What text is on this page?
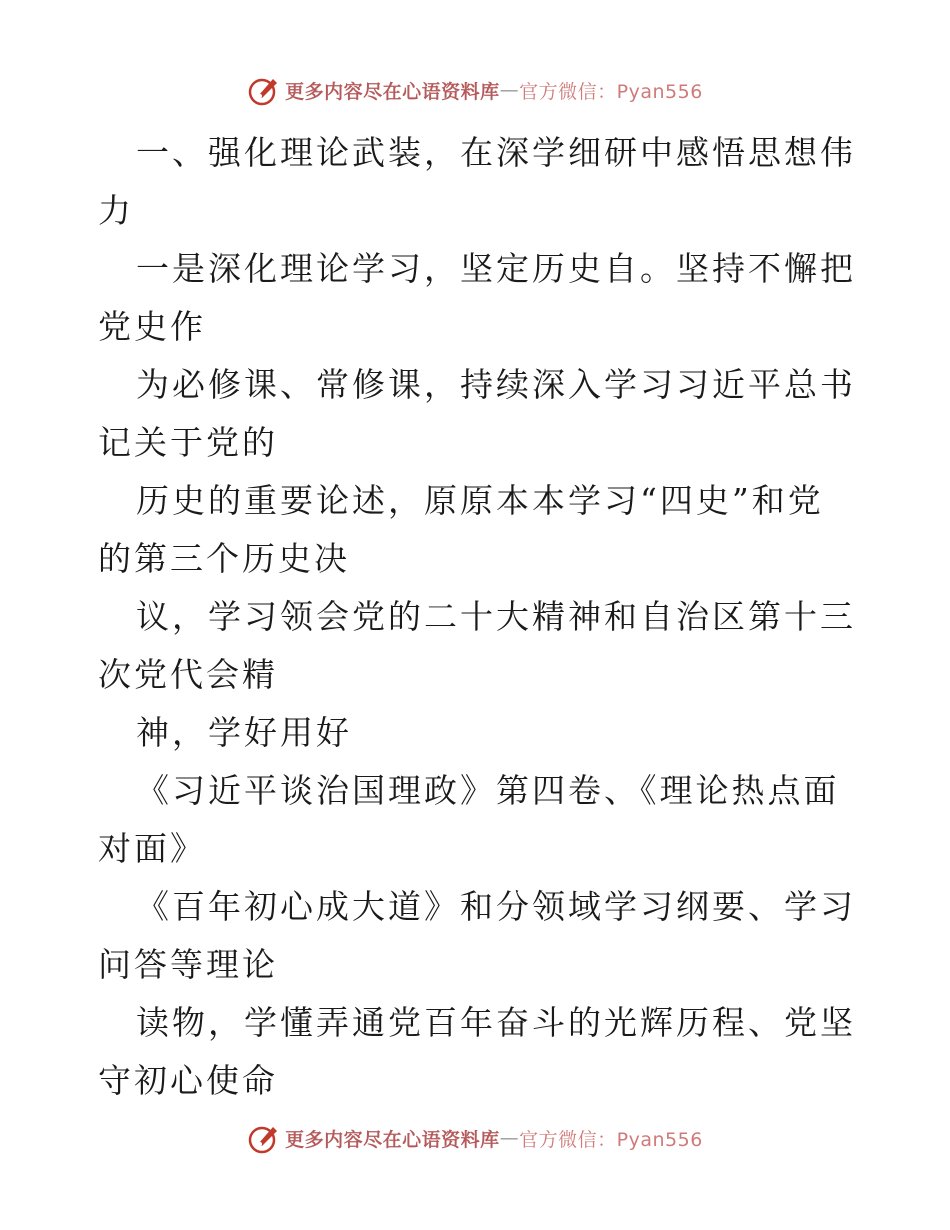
更多内容尽在心语资料库 — 官方微信：Pyan556

一、强化理论武装，在深学细研中感悟思想伟力

一是深化理论学习，坚定历史自。坚持不懈把党史作

为必修课、常修课，持续深入学习习近平总书记关于党的

历史的重要论述，原原本本学习“四史”和党的第三个历史决

议，学习领会党的二十大精神和自治区第十三次党代会精

神，学好用好

《习近平谈治国理政》第四卷、《理论热点面对面》

《百年初心成大道》和分领域学习纲要、学习问答等理论

读物，学懂弄通党百年奋斗的光辉历程、党坚守初心使命

更多内容尽在心语资料库 — 官方微信：Pyan556
